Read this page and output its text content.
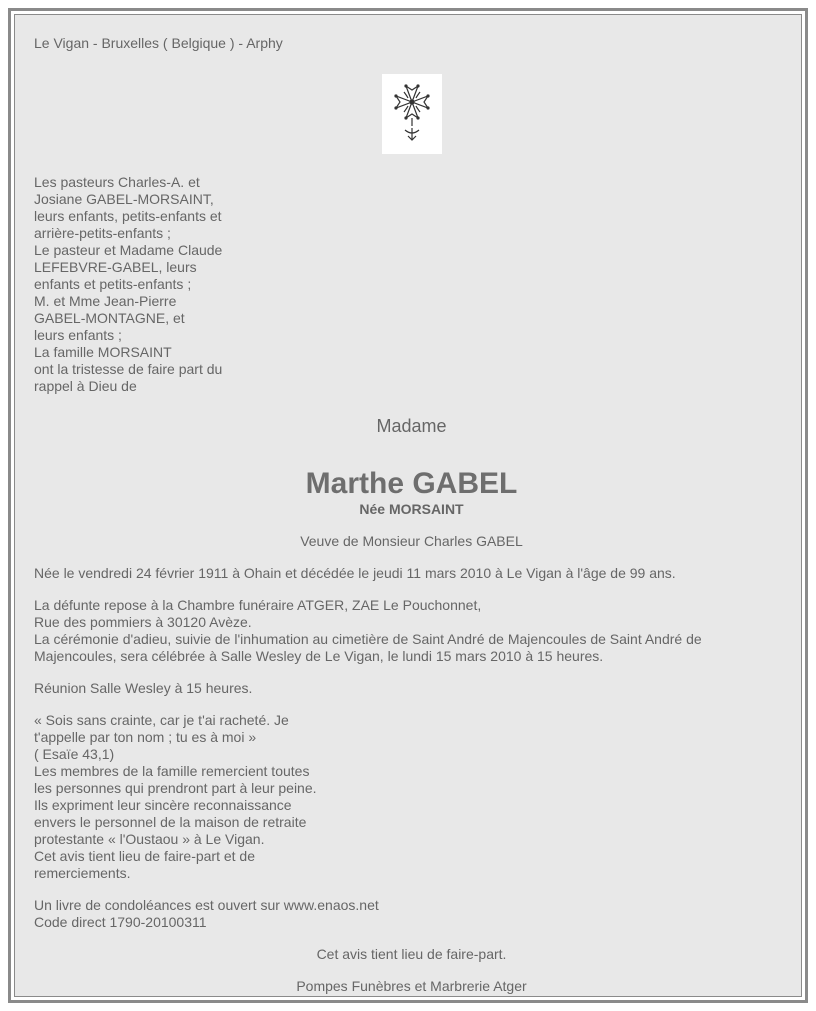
Le Vigan - Bruxelles ( Belgique ) - Arphy

Les pasteurs Charles-A. et
Josiane GABEL-MORSAINT,
leurs enfants, petits-enfants et
arrière-petits-enfants ;
Le pasteur et Madame Claude
LEFEBVRE-GABEL, leurs
enfants et petits-enfants ;
M. et Mme Jean-Pierre
GABEL-MONTAGNE, et
leurs enfants ;
La famille MORSAINT
ont la tristesse de faire part du
rappel à Dieu de
Madame
Marthe GABEL
Née MORSAINT
Veuve de Monsieur Charles GABEL
Née le vendredi 24 février 1911 à Ohain et décédée le jeudi 11 mars 2010 à Le Vigan à l'âge de 99 ans.
La défunte repose à la Chambre funéraire ATGER, ZAE Le Pouchonnet,
Rue des pommiers à 30120 Avèze.
La cérémonie d'adieu, suivie de l'inhumation au cimetière de Saint André de Majencoules de Saint André de
Majencoules, sera célébrée à Salle Wesley de Le Vigan, le lundi 15 mars 2010 à 15 heures.
Réunion Salle Wesley à 15 heures.
« Sois sans crainte, car je t'ai racheté. Je
t'appelle par ton nom ; tu es à moi »
( Esaïe 43,1)
Les membres de la famille remercient toutes
les personnes qui prendront part à leur peine.
Ils expriment leur sincère reconnaissance
envers le personnel de la maison de retraite
protestante « l'Oustaou » à Le Vigan.
Cet avis tient lieu de faire-part et de
remerciements.
Un livre de condoléances est ouvert sur www.enaos.net
Code direct 1790-20100311
Cet avis tient lieu de faire-part.
Pompes Funèbres et Marbrerie Atger
